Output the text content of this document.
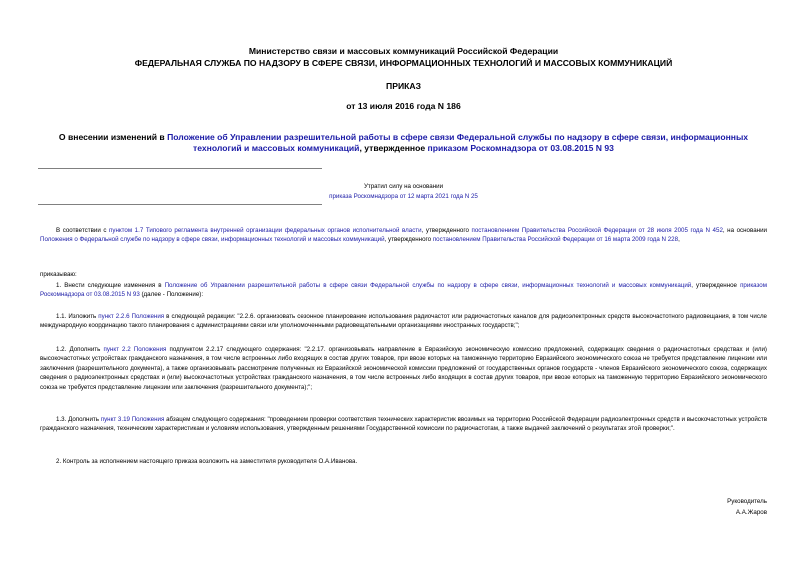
Министерство связи и массовых коммуникаций Российской Федерации
ФЕДЕРАЛЬНАЯ СЛУЖБА ПО НАДЗОРУ В СФЕРЕ СВЯЗИ, ИНФОРМАЦИОННЫХ ТЕХНОЛОГИЙ И МАССОВЫХ КОММУНИКАЦИЙ
ПРИКАЗ
от 13 июля 2016 года N 186
О внесении изменений в Положение об Управлении разрешительной работы в сфере связи Федеральной службы по надзору в сфере связи, информационных технологий и массовых коммуникаций, утвержденное приказом Роскомнадзора от 03.08.2015 N 93
Утратил силу на основании
приказа Роскомнадзора от 12 марта 2021 года N 25

В соответствии с пунктом 1.7 Типового регламента внутренней организации федеральных органов исполнительной власти, утвержденного постановлением Правительства Российской Федерации от 28 июля 2005 года N 452, на основании Положения о Федеральной службе по надзору в сфере связи, информационных технологий и массовых коммуникаций, утвержденного постановлением Правительства Российской Федерации от 16 марта 2009 года N 228,

приказываю:

1. Внести следующие изменения в Положение об Управлении разрешительной работы в сфере связи Федеральной службы по надзору в сфере связи, информационных технологий и массовых коммуникаций, утвержденное приказом Роскомнадзора от 03.08.2015 N 93 (далее - Положение):

1.1. Изложить пункт 2.2.6 Положения в следующей редакции: "2.2.6. организовать сезонное планирование использования радиочастот или радиочастотных каналов для радиоэлектронных средств высокочастотного радиовещания, в том числе международную координацию такого планирования с администрациями связи или уполномоченными радиовещательными организациями иностранных государств;";

1.2. Дополнить пункт 2.2 Положения подпунктом 2.2.17 следующего содержания: "2.2.17. организовывать направление в Евразийскую экономическую комиссию предложений, содержащих сведения о радиочастотных средствах и (или) высокочастотных устройствах гражданского назначения, в том числе встроенных либо входящих в состав других товаров, при ввозе которых на таможенную территорию Евразийского экономического союза не требуется представление лицензии или заключения (разрешительного документа), а также организовывать рассмотрение полученных из Евразийской экономической комиссии предложений от государственных органов государств - членов Евразийского экономического союза, содержащих сведения о радиоэлектронных средствах и (или) высокочастотных устройствах гражданского назначения, в том числе встроенных либо входящих в состав других товаров, при ввозе которых на таможенную территорию Евразийского экономического союза не требуется представление лицензии или заключения (разрешительного документа);";

1.3. Дополнить пункт 3.19 Положения абзацем следующего содержания: "проведением проверки соответствия технических характеристик ввозимых на территорию Российской Федерации радиоэлектронных средств и высокочастотных устройств гражданского назначения, техническим характеристикам и условиям использования, утвержденным решениями Государственной комиссии по радиочастотам, а также выдачей заключений о результатах этой проверки;".

2. Контроль за исполнением настоящего приказа возложить на заместителя руководителя О.А.Иванова.

Руководитель
А.А.Жаров
